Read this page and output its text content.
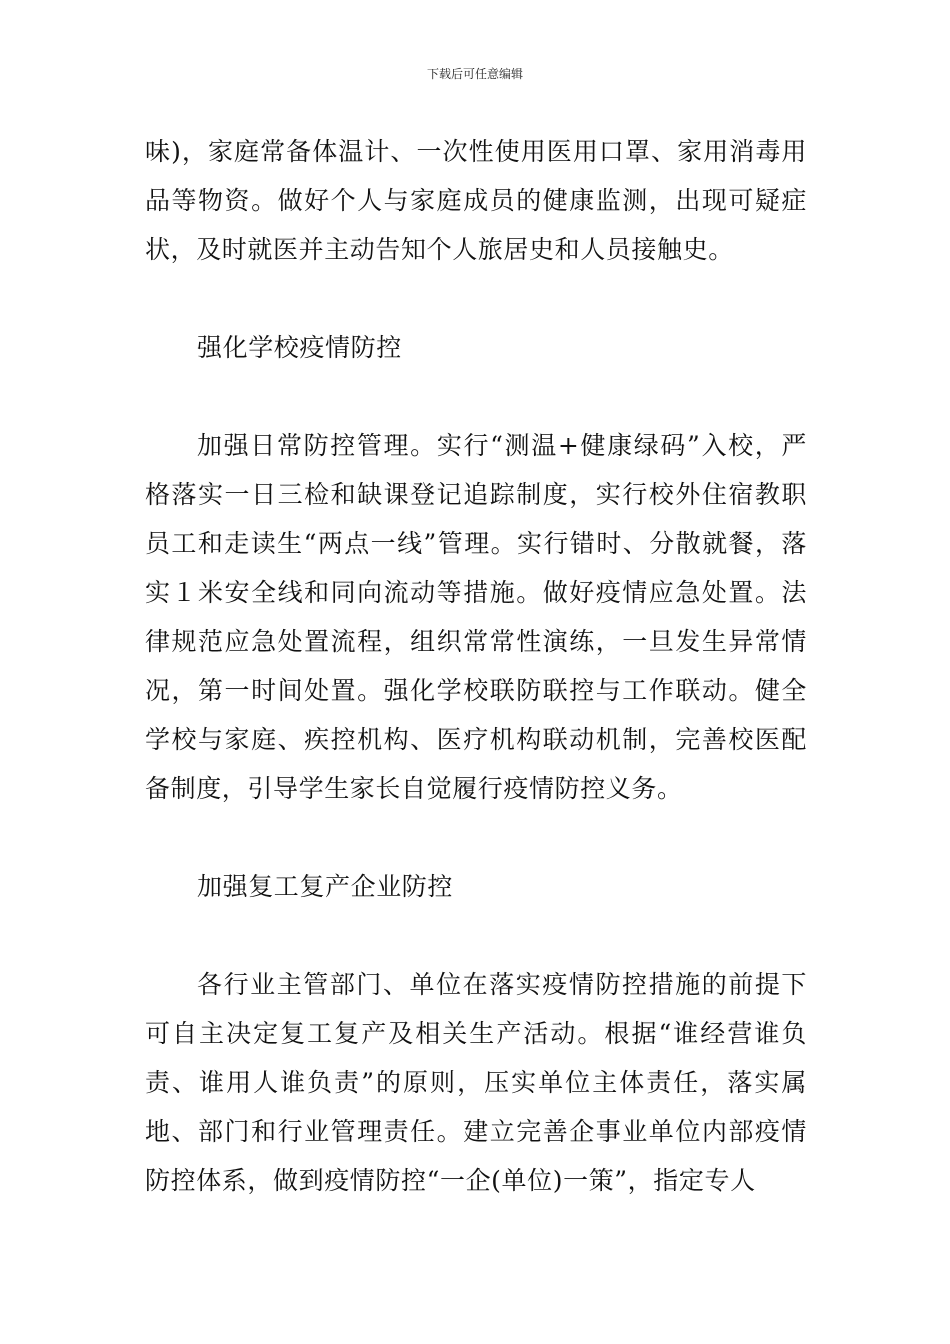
下载后可任意编辑

味)，家庭常备体温计、一次性使用医用口罩、家用消毒用品等物资。做好个人与家庭成员的健康监测，出现可疑症状，及时就医并主动告知个人旅居史和人员接触史。

强化学校疫情防控

加强日常防控管理。实行“测温+健康绿码”入校，严格落实一日三检和缺课登记追踪制度，实行校外住宿教职员工和走读生“两点一线”管理。实行错时、分散就餐，落实１米安全线和同向流动等措施。做好疫情应急处置。法律规范应急处置流程，组织常常性演练，一旦发生异常情况，第一时间处置。强化学校联防联控与工作联动。健全学校与家庭、疾控机构、医疗机构联动机制，完善校医配备制度，引导学生家长自觉履行疫情防控义务。

加强复工复产企业防控

各行业主管部门、单位在落实疫情防控措施的前提下可自主决定复工复产及相关生产活动。根据“谁经营谁负责、谁用人谁负责”的原则，压实单位主体责任，落实属地、部门和行业管理责任。建立完善企事业单位内部疫情防控体系，做到疫情防控“一企(单位)一策”，指定专人
